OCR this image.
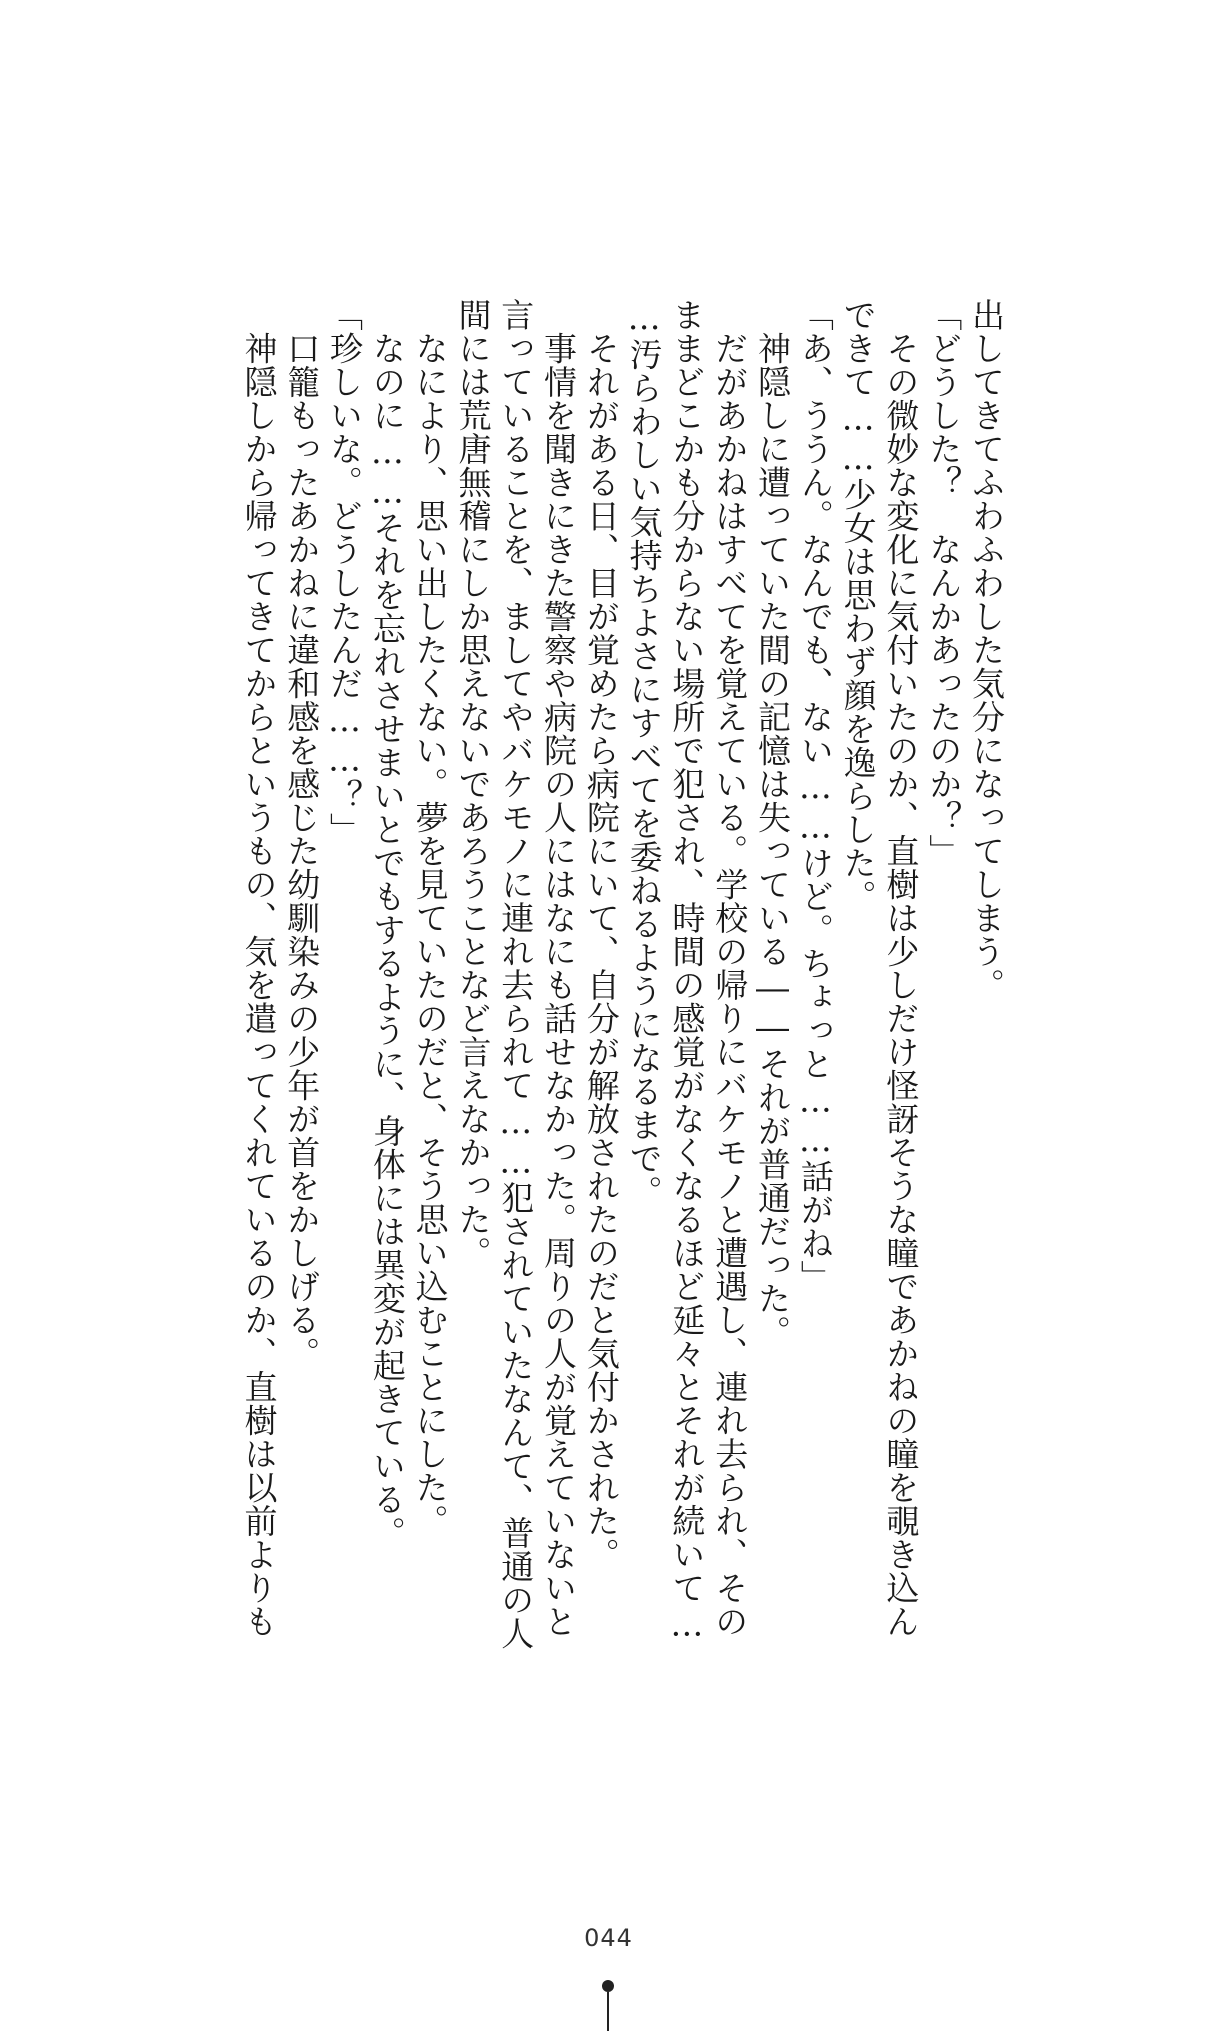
出してきてふわふわした気分になってしまう。
「どうした？　なんかあったのか？」
　その微妙な変化に気付いたのか、直樹は少しだけ怪訝そうな瞳であかねの瞳を覗き込ん
できて……少女は思わず顔を逸らした。
「あ、ううん。なんでも、ない……けど。ちょっと……話がね」
　神隠しに遭っていた間の記憶は失っている――それが普通だった。
　だがあかねはすべてを覚えている。学校の帰りにバケモノと遭遇し、連れ去られ、その
ままどこかも分からない場所で犯され、時間の感覚がなくなるほど延々とそれが続いて…
…汚らわしい気持ちよさにすべてを委ねるようになるまで。
　それがある日、目が覚めたら病院にいて、自分が解放されたのだと気付かされた。
　事情を聞きにきた警察や病院の人にはなにも話せなかった。周りの人が覚えていないと
言っていることを、ましてやバケモノに連れ去られて……犯されていたなんて、普通の人
間には荒唐無稽にしか思えないであろうことなど言えなかった。
　なにより、思い出したくない。夢を見ていたのだと、そう思い込むことにした。
　なのに……それを忘れさせまいとでもするように、身体には異変が起きている。
「珍しいな。どうしたんだ……？」
　口籠もったあかねに違和感を感じた幼馴染みの少年が首をかしげる。
　神隠しから帰ってきてからというもの、気を遣ってくれているのか、直樹は以前よりも
044
